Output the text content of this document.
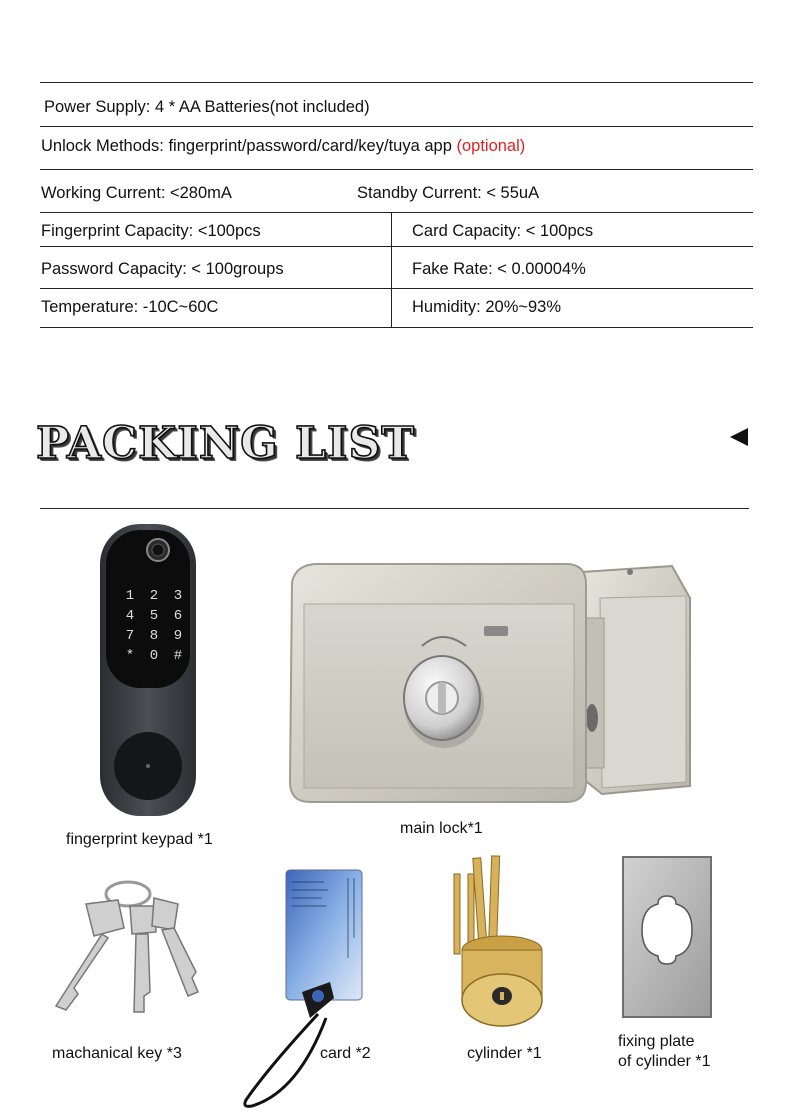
Power Supply: 4 * AA Batteries(not included)
Unlock Methods: fingerprint/password/card/key/tuya app (optional)
Working Current: <280mA	Standby Current: < 55uA
Fingerprint Capacity: <100pcs	Card Capacity: < 100pcs
Password Capacity: < 100groups	Fake Rate: < 0.00004%
Temperature: -10C~60C	Humidity: 20%~93%
PACKING LIST
1	2	3
4	5	6
7	8	9
*	0	#
fingerprint keypad *1
main lock*1
machanical key *3	card *2	cylinder *1
fixing plate
of cylinder *1
